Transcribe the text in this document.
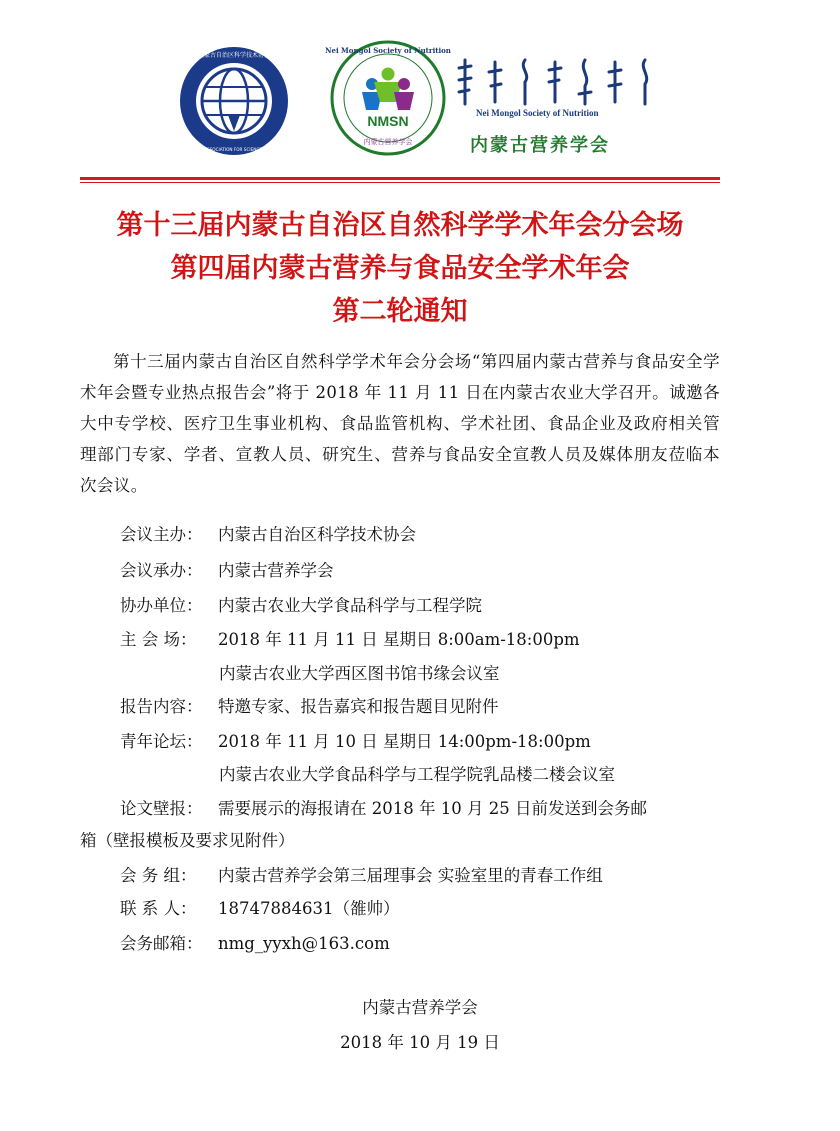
内蒙古自治区科学技术协会
INNER MONGOLIA ASSOCIATION FOR SCIENCE AND TECHNOLOGY
Nei Mongol Society of Nutrition
NMSN
内蒙古营养学会
Nei Mongol Society of Nutrition
内蒙古营养学会
第十三届内蒙古自治区自然科学学术年会分会场
第四届内蒙古营养与食品安全学术年会
第二轮通知
第十三届内蒙古自治区自然科学学术年会分会场“第四届内蒙古营养与食品安全学术年会暨专业热点报告会”将于 2018 年 11 月 11 日在内蒙古农业大学召开。诚邀各大中专学校、医疗卫生事业机构、食品监管机构、学术社团、食品企业及政府相关管理部门专家、学者、宣教人员、研究生、营养与食品安全宣教人员及媒体朋友莅临本次会议。
会议主办： 内蒙古自治区科学技术协会
会议承办： 内蒙古营养学会
协办单位： 内蒙古农业大学食品科学与工程学院
主 会 场： 2018 年 11 月 11 日 星期日 8:00am-18:00pm
内蒙古农业大学西区图书馆书缘会议室
报告内容： 特邀专家、报告嘉宾和报告题目见附件
青年论坛： 2018 年 11 月 10 日 星期日 14:00pm-18:00pm
内蒙古农业大学食品科学与工程学院乳品楼二楼会议室
论文壁报： 需要展示的海报请在 2018 年 10 月 25 日前发送到会务邮
箱（壁报模板及要求见附件）
会 务 组： 内蒙古营养学会第三届理事会 实验室里的青春工作组
联 系 人： 18747884631（雒帅）
会务邮箱： nmg_yyxh@163.com
内蒙古营养学会
2018 年 10 月 19 日
